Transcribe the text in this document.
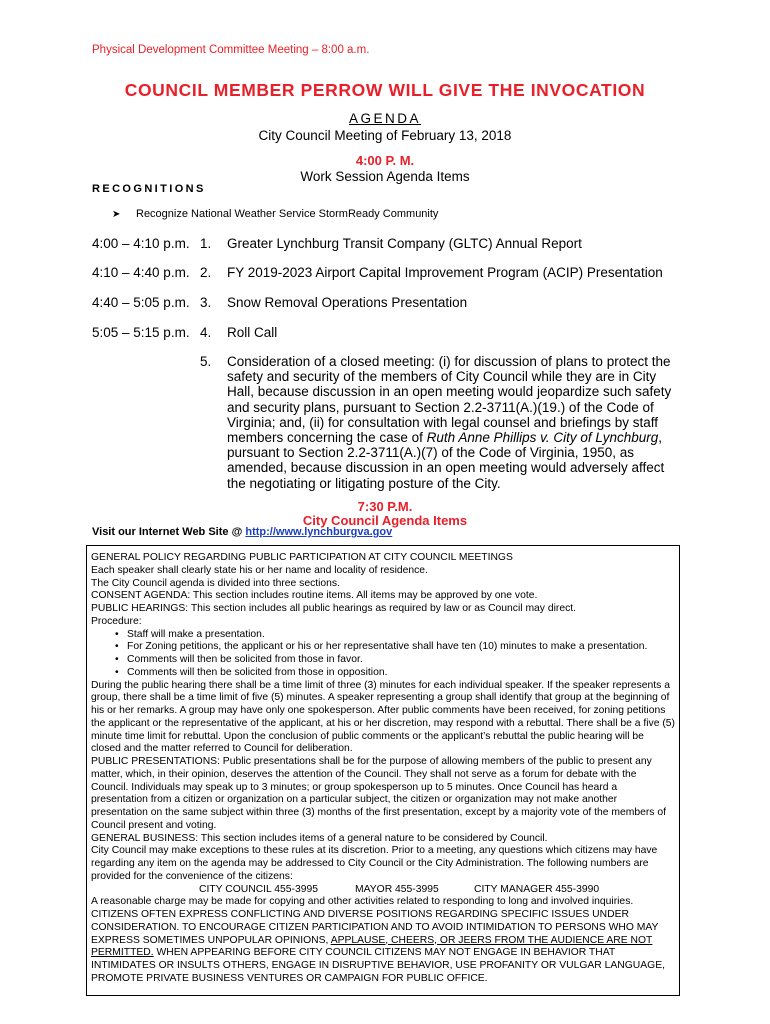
Physical Development Committee Meeting – 8:00 a.m.
COUNCIL MEMBER PERROW WILL GIVE THE INVOCATION
AGENDA
City Council Meeting of February 13, 2018
4:00 P. M.
Work Session Agenda Items
RECOGNITIONS
➤ Recognize National Weather Service StormReady Community
4:00 – 4:10 p.m. 1. Greater Lynchburg Transit Company (GLTC) Annual Report
4:10 – 4:40 p.m. 2. FY 2019-2023 Airport Capital Improvement Program (ACIP) Presentation
4:40 – 5:05 p.m. 3. Snow Removal Operations Presentation
5:05 – 5:15 p.m. 4. Roll Call
5. Consideration of a closed meeting: (i) for discussion of plans to protect the safety and security of the members of City Council while they are in City Hall, because discussion in an open meeting would jeopardize such safety and security plans, pursuant to Section 2.2-3711(A.)(19.) of the Code of Virginia; and, (ii) for consultation with legal counsel and briefings by staff members concerning the case of Ruth Anne Phillips v. City of Lynchburg, pursuant to Section 2.2-3711(A.)(7) of the Code of Virginia, 1950, as amended, because discussion in an open meeting would adversely affect the negotiating or litigating posture of the City.
7:30 P.M.
City Council Agenda Items
Visit our Internet Web Site @ http://www.lynchburgva.gov

GENERAL POLICY REGARDING PUBLIC PARTICIPATION AT CITY COUNCIL MEETINGS

Each speaker shall clearly state his or her name and locality of residence.

The City Council agenda is divided into three sections.

CONSENT AGENDA: This section includes routine items. All items may be approved by one vote.

PUBLIC HEARINGS: This section includes all public hearings as required by law or as Council may direct.

Procedure:

• Staff will make a presentation.
• For Zoning petitions, the applicant or his or her representative shall have ten (10) minutes to make a presentation.
• Comments will then be solicited from those in favor.
• Comments will then be solicited from those in opposition.

During the public hearing there shall be a time limit of three (3) minutes for each individual speaker. If the speaker represents a group, there shall be a time limit of five (5) minutes. A speaker representing a group shall identify that group at the beginning of his or her remarks. A group may have only one spokesperson. After public comments have been received, for zoning petitions the applicant or the representative of the applicant, at his or her discretion, may respond with a rebuttal. There shall be a five (5) minute time limit for rebuttal. Upon the conclusion of public comments or the applicant’s rebuttal the public hearing will be closed and the matter referred to Council for deliberation.

PUBLIC PRESENTATIONS: Public presentations shall be for the purpose of allowing members of the public to present any matter, which, in their opinion, deserves the attention of the Council. They shall not serve as a forum for debate with the Council. Individuals may speak up to 3 minutes; or group spokesperson up to 5 minutes. Once Council has heard a presentation from a citizen or organization on a particular subject, the citizen or organization may not make another presentation on the same subject within three (3) months of the first presentation, except by a majority vote of the members of Council present and voting.

GENERAL BUSINESS: This section includes items of a general nature to be considered by Council.

City Council may make exceptions to these rules at its discretion. Prior to a meeting, any questions which citizens may have regarding any item on the agenda may be addressed to City Council or the City Administration. The following numbers are provided for the convenience of the citizens:

CITY COUNCIL 455-3995	MAYOR 455-3995	CITY MANAGER 455-3990

A reasonable charge may be made for copying and other activities related to responding to long and involved inquiries.

CITIZENS OFTEN EXPRESS CONFLICTING AND DIVERSE POSITIONS REGARDING SPECIFIC ISSUES UNDER CONSIDERATION. TO ENCOURAGE CITIZEN PARTICIPATION AND TO AVOID INTIMIDATION TO PERSONS WHO MAY EXPRESS SOMETIMES UNPOPULAR OPINIONS, APPLAUSE, CHEERS, OR JEERS FROM THE AUDIENCE ARE NOT PERMITTED. WHEN APPEARING BEFORE CITY COUNCIL CITIZENS MAY NOT ENGAGE IN BEHAVIOR THAT INTIMIDATES OR INSULTS OTHERS, ENGAGE IN DISRUPTIVE BEHAVIOR, USE PROFANITY OR VULGAR LANGUAGE, PROMOTE PRIVATE BUSINESS VENTURES OR CAMPAIGN FOR PUBLIC OFFICE.
